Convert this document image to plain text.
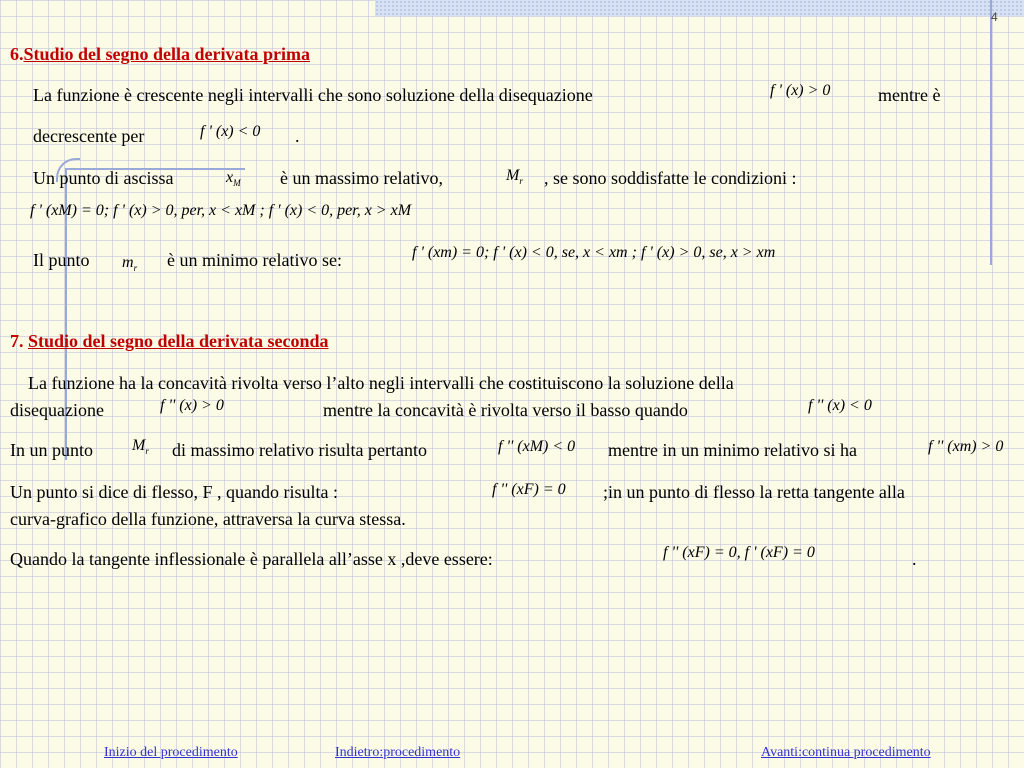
4
6.Studio del segno della derivata prima
La funzione è crescente negli intervalli che sono soluzione della disequazione	f ' (x) > 0	mentre è
decrescente per	f ' (x) < 0 .
Un punto di ascissa	$x_M$ è un massimo relativo,	$M_r$ , se sono soddisfatte le condizioni :
f ' (xM) = 0; f ' (x) > 0, per, x < xM ; f ' (x) < 0, per, x > xM
Il punto $m_r$ è un minimo relativo se:	f ' (xm) = 0; f ' (x) < 0, se, x < xm ; f ' (x) > 0, se, x > xm
7. Studio del segno della derivata seconda
La funzione ha la concavità rivolta verso l’alto negli intervalli che costituiscono la soluzione della
disequazione	f '' (x) > 0	mentre la concavità è rivolta verso il basso quando	f '' (x) < 0
In un punto $M_r$ di massimo relativo risulta pertanto	f '' (xM) < 0 mentre in un minimo relativo si ha	f '' (xm) > 0
Un punto si dice di flesso, F , quando risulta :	f '' (xF) = 0 ;in un punto di flesso la retta tangente alla
curva-grafico della funzione, attraversa la curva stessa.
Quando la tangente inflessionale è parallela all’asse x ,deve essere:	f '' (xF) = 0, f ' (xF) = 0	.
Inizio del procedimento	Indietro:procedimento	Avanti:continua procedimento
